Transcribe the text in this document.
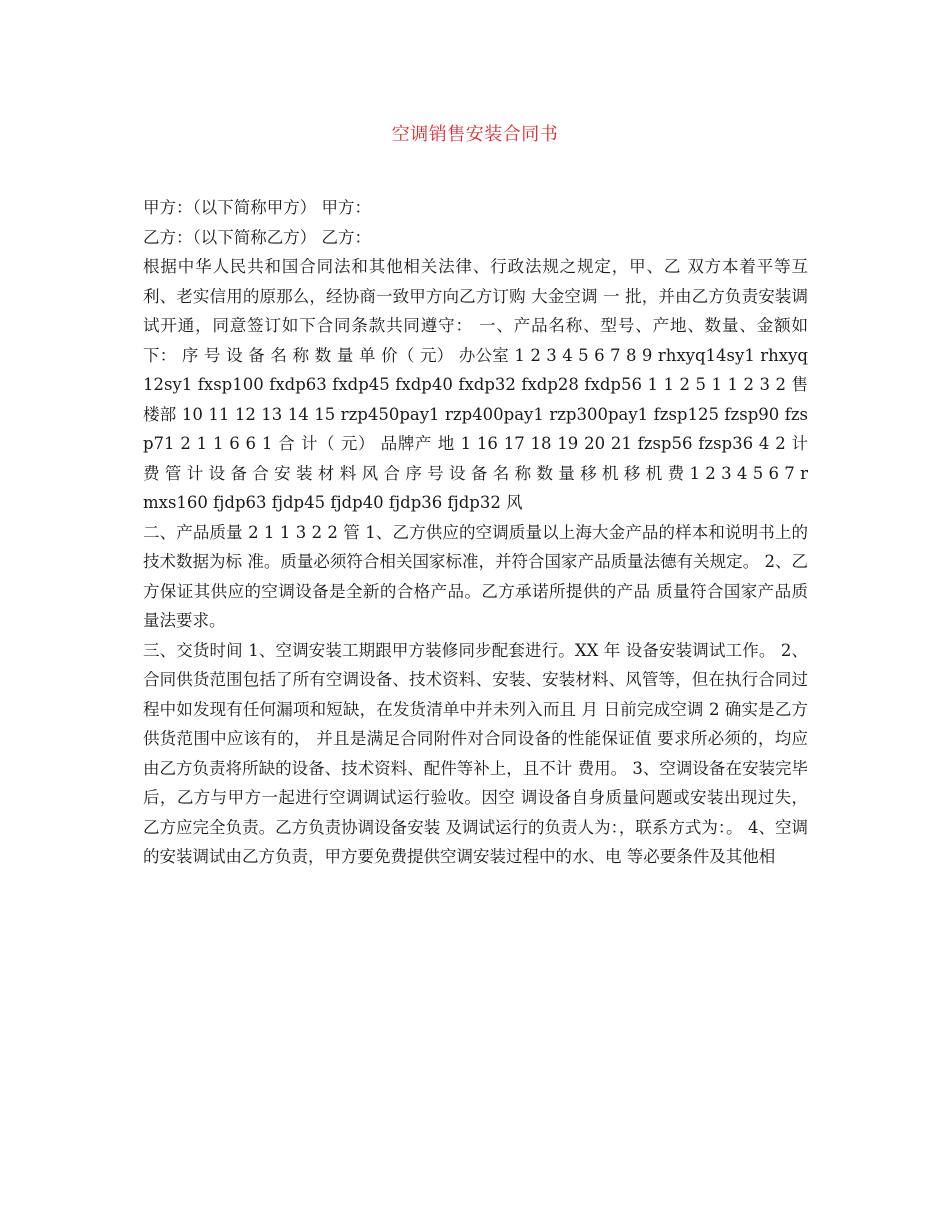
空调销售安装合同书

甲方：（以下简称甲方） 甲方：

乙方：（以下简称乙方） 乙方：

根据中华人民共和国合同法和其他相关法律、行政法规之规定，甲、乙 双方本着平等互利、老实信用的原那么，经协商一致甲方向乙方订购 大金空调 一 批，并由乙方负责安装调试开通，同意签订如下合同条款共同遵守： 一、产品名称、型号、产地、数量、金额如下： 序 号 设 备 名 称 数 量 单 价（ 元） 办公室 1 2 3 4 5 6 7 8 9 rhxyq14sy1 rhxyq12sy1 fxsp100 fxdp63 fxdp45 fxdp40 fxdp32 fxdp28 fxdp56 1 1 2 5 1 1 2 3 2 售楼部 10 11 12 13 14 15 rzp450pay1 rzp400pay1 rzp300pay1 fzsp125 fzsp90 fzsp71 2 1 1 6 6 1 合 计（ 元） 品牌产 地 1 16 17 18 19 20 21 fzsp56 fzsp36 4 2 计 费 管 计 设 备 合 安 装 材 料 风 合 序 号 设 备 名 称 数 量 移 机 移 机 费 1 2 3 4 5 6 7 rmxs160 fjdp63 fjdp45 fjdp40 fjdp36 fjdp32 风

二、产品质量 2 1 1 3 2 2 管 1、乙方供应的空调质量以上海大金产品的样本和说明书上的技术数据为标 准。质量必须符合相关国家标准，并符合国家产品质量法德有关规定。 2、乙方保证其供应的空调设备是全新的合格产品。乙方承诺所提供的产品 质量符合国家产品质量法要求。

三、交货时间 1、空调安装工期跟甲方装修同步配套进行。XX 年 设备安装调试工作。 2、合同供货范围包括了所有空调设备、技术资料、安装、安装材料、风管等，但在执行合同过程中如发现有任何漏项和短缺，在发货清单中并未列入而且 月 日前完成空调 2 确实是乙方供货范围中应该有的， 并且是满足合同附件对合同设备的性能保证值 要求所必须的，均应由乙方负责将所缺的设备、技术资料、配件等补上，且不计 费用。 3、空调设备在安装完毕后，乙方与甲方一起进行空调调试运行验收。因空 调设备自身质量问题或安装出现过失，乙方应完全负责。乙方负责协调设备安装 及调试运行的负责人为：，联系方式为：。 4、空调的安装调试由乙方负责，甲方要免费提供空调安装过程中的水、电 等必要条件及其他相
